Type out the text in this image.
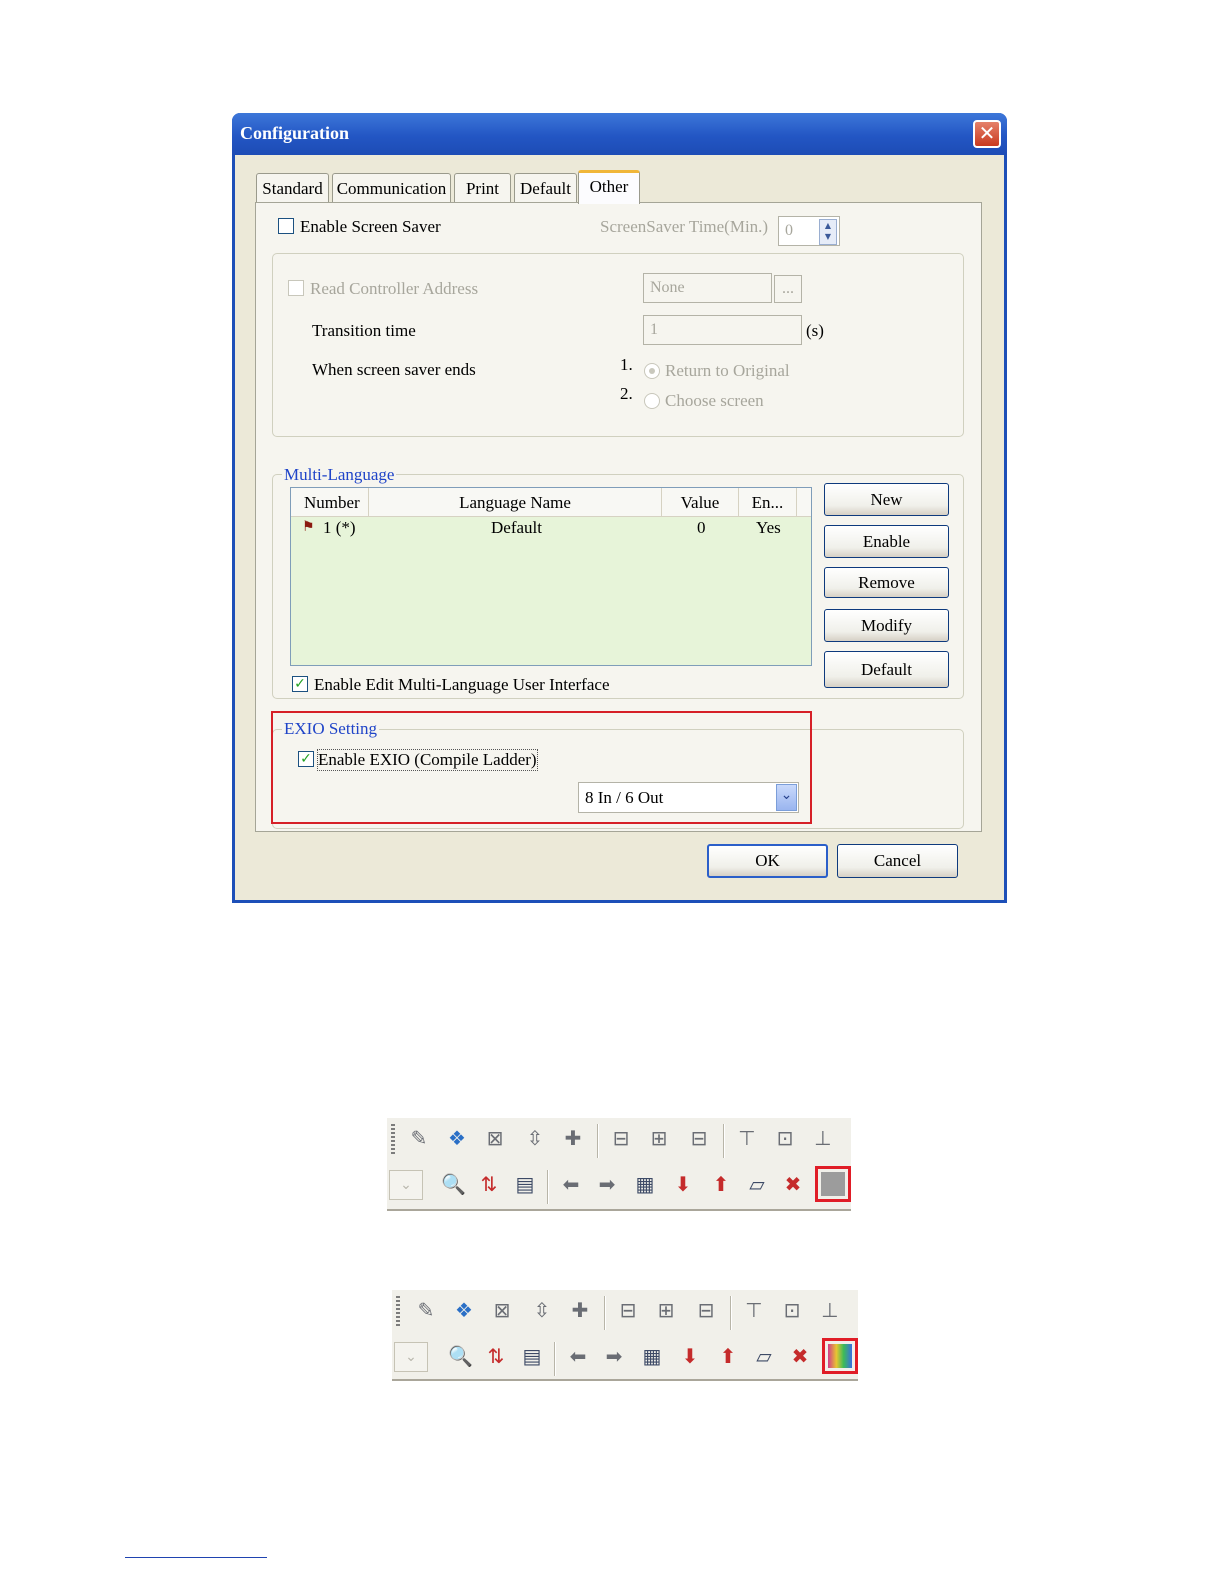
Configuration	✕
Standard Communication	Print	Default	Other
Enable Screen Saver	ScreenSaver Time(Min.)	0	▲
▼
Read Controller Address	None	...
Transition time	1	(s)
When screen saver ends	1. Return to Original
2. Choose screen
Multi-Language
Number	Language Name	Value	En...
⚑ 1 (*)	Default	0	Yes
New
Enable
Remove
Modify
Default
✓ Enable Edit Multi-Language User Interface
EXIO Setting
✓ Enable EXIO (Compile Ladder)
8 In / 6 Out	⌄
OK	Cancel
✎ ❖ ⊠ ⇳ ✚ ⊟ ⊞ ⊟ ⊤ ⊡ ⊥
⌄	🔍 ⇅ ▤ ⬅ ➡ ▦ ⬇ ⬆ ▱ ✖
✎ ❖ ⊠ ⇳ ✚ ⊟ ⊞ ⊟ ⊤ ⊡ ⊥
⌄	🔍 ⇅ ▤ ⬅ ➡ ▦ ⬇ ⬆ ▱ ✖
